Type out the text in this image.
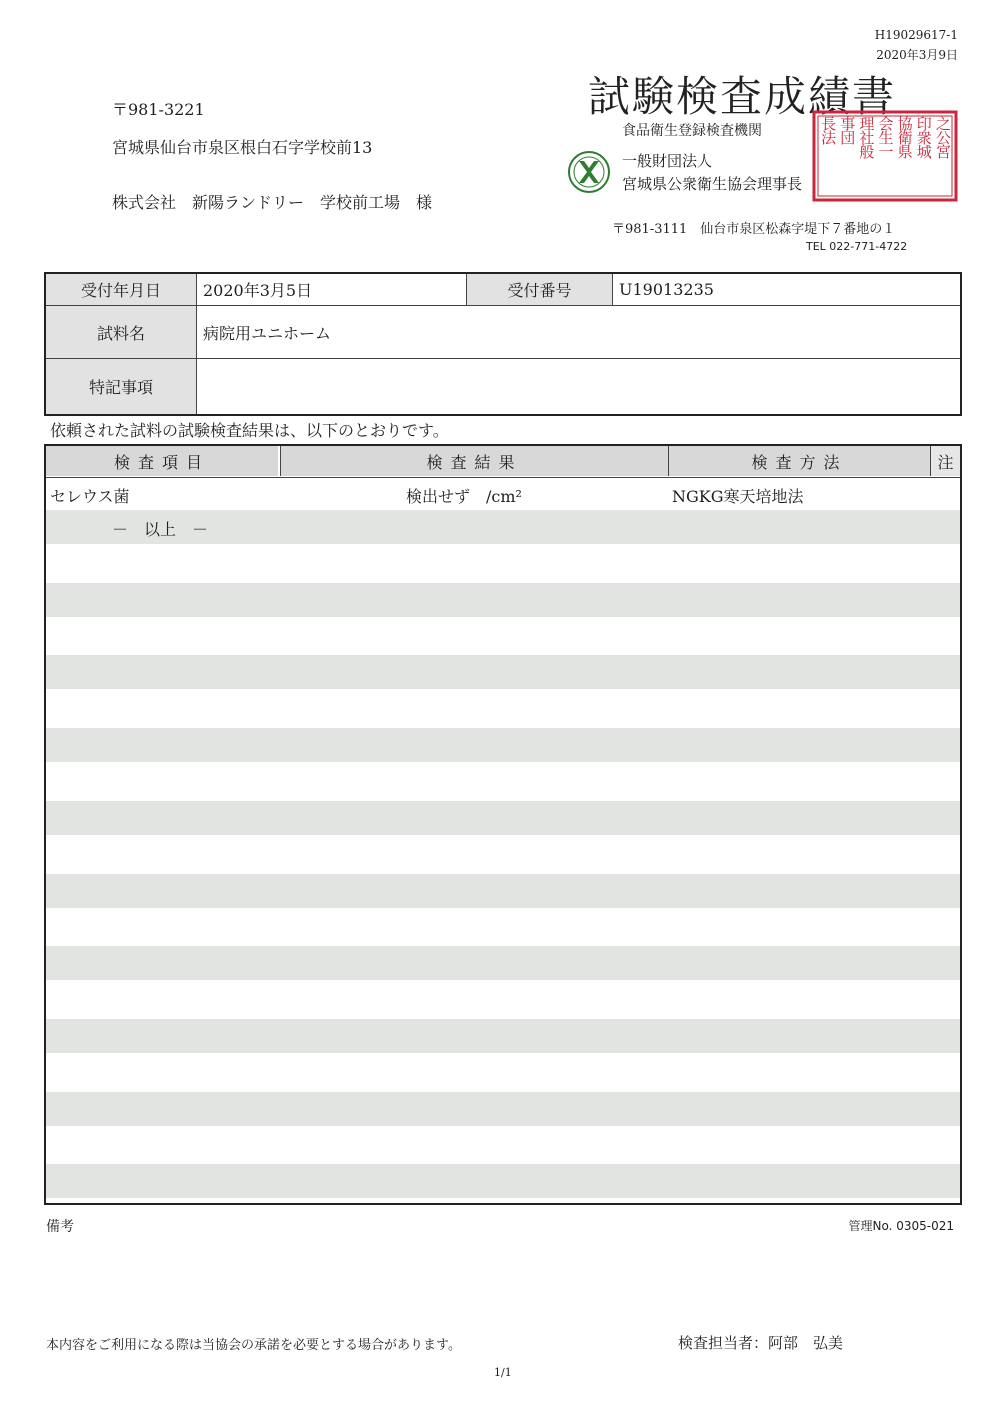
H19029617-1
2020年3月9日
試験検査成績書
〒981-3221
宮城県仙台市泉区根白石字学校前13
株式会社　新陽ランドリー　学校前工場　様
食品衛生登録検査機関
一般財団法人
宮城県公衆衛生協会理事長
之公宮
印衆城
協衛県
会生一
理社般
事団
長法
〒981-3111　仙台市泉区松森字堤下７番地の１
TEL 022-771-4722
受付年月日	2020年3月5日	受付番号	U19013235
試料名	病院用ユニホーム
特記事項
依頼された試料の試験検査結果は、以下のとおりです。
検査項目	検査結果	検査方法	注
セレウス菌	検出せず　/cm²	NGKG寒天培地法
－　以上　－
備考	管理No. 0305-021
本内容をご利用になる際は当協会の承諾を必要とする場合があります。	検査担当者：阿部　弘美
1/1
